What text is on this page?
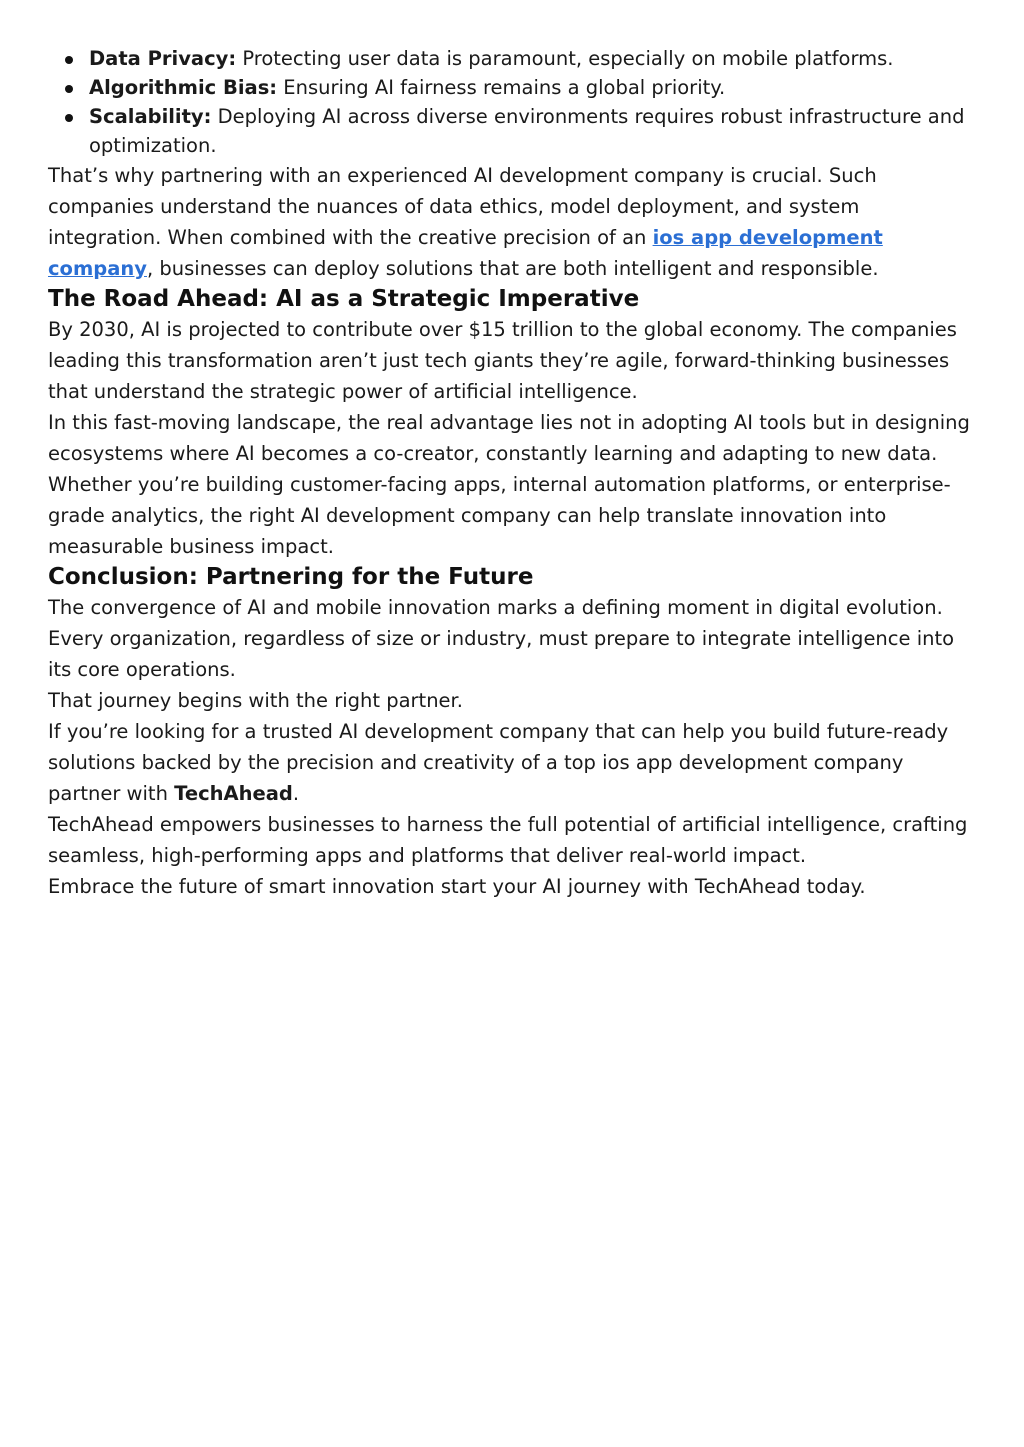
Data Privacy: Protecting user data is paramount, especially on mobile platforms.
Algorithmic Bias: Ensuring AI fairness remains a global priority.
Scalability: Deploying AI across diverse environments requires robust infrastructure and optimization.

That’s why partnering with an experienced AI development company is crucial. Such companies understand the nuances of data ethics, model deployment, and system integration. When combined with the creative precision of an ios app development company, businesses can deploy solutions that are both intelligent and responsible.

The Road Ahead: AI as a Strategic Imperative

By 2030, AI is projected to contribute over $15 trillion to the global economy. The companies leading this transformation aren’t just tech giants they’re agile, forward-thinking businesses that understand the strategic power of artificial intelligence.

In this fast-moving landscape, the real advantage lies not in adopting AI tools but in designing ecosystems where AI becomes a co-creator, constantly learning and adapting to new data.

Whether you’re building customer-facing apps, internal automation platforms, or enterprise-grade analytics, the right AI development company can help translate innovation into measurable business impact.

Conclusion: Partnering for the Future

The convergence of AI and mobile innovation marks a defining moment in digital evolution. Every organization, regardless of size or industry, must prepare to integrate intelligence into its core operations.

That journey begins with the right partner.

If you’re looking for a trusted AI development company that can help you build future-ready solutions backed by the precision and creativity of a top ios app development company partner with TechAhead.
TechAhead empowers businesses to harness the full potential of artificial intelligence, crafting seamless, high-performing apps and platforms that deliver real-world impact.

Embrace the future of smart innovation start your AI journey with TechAhead today.
